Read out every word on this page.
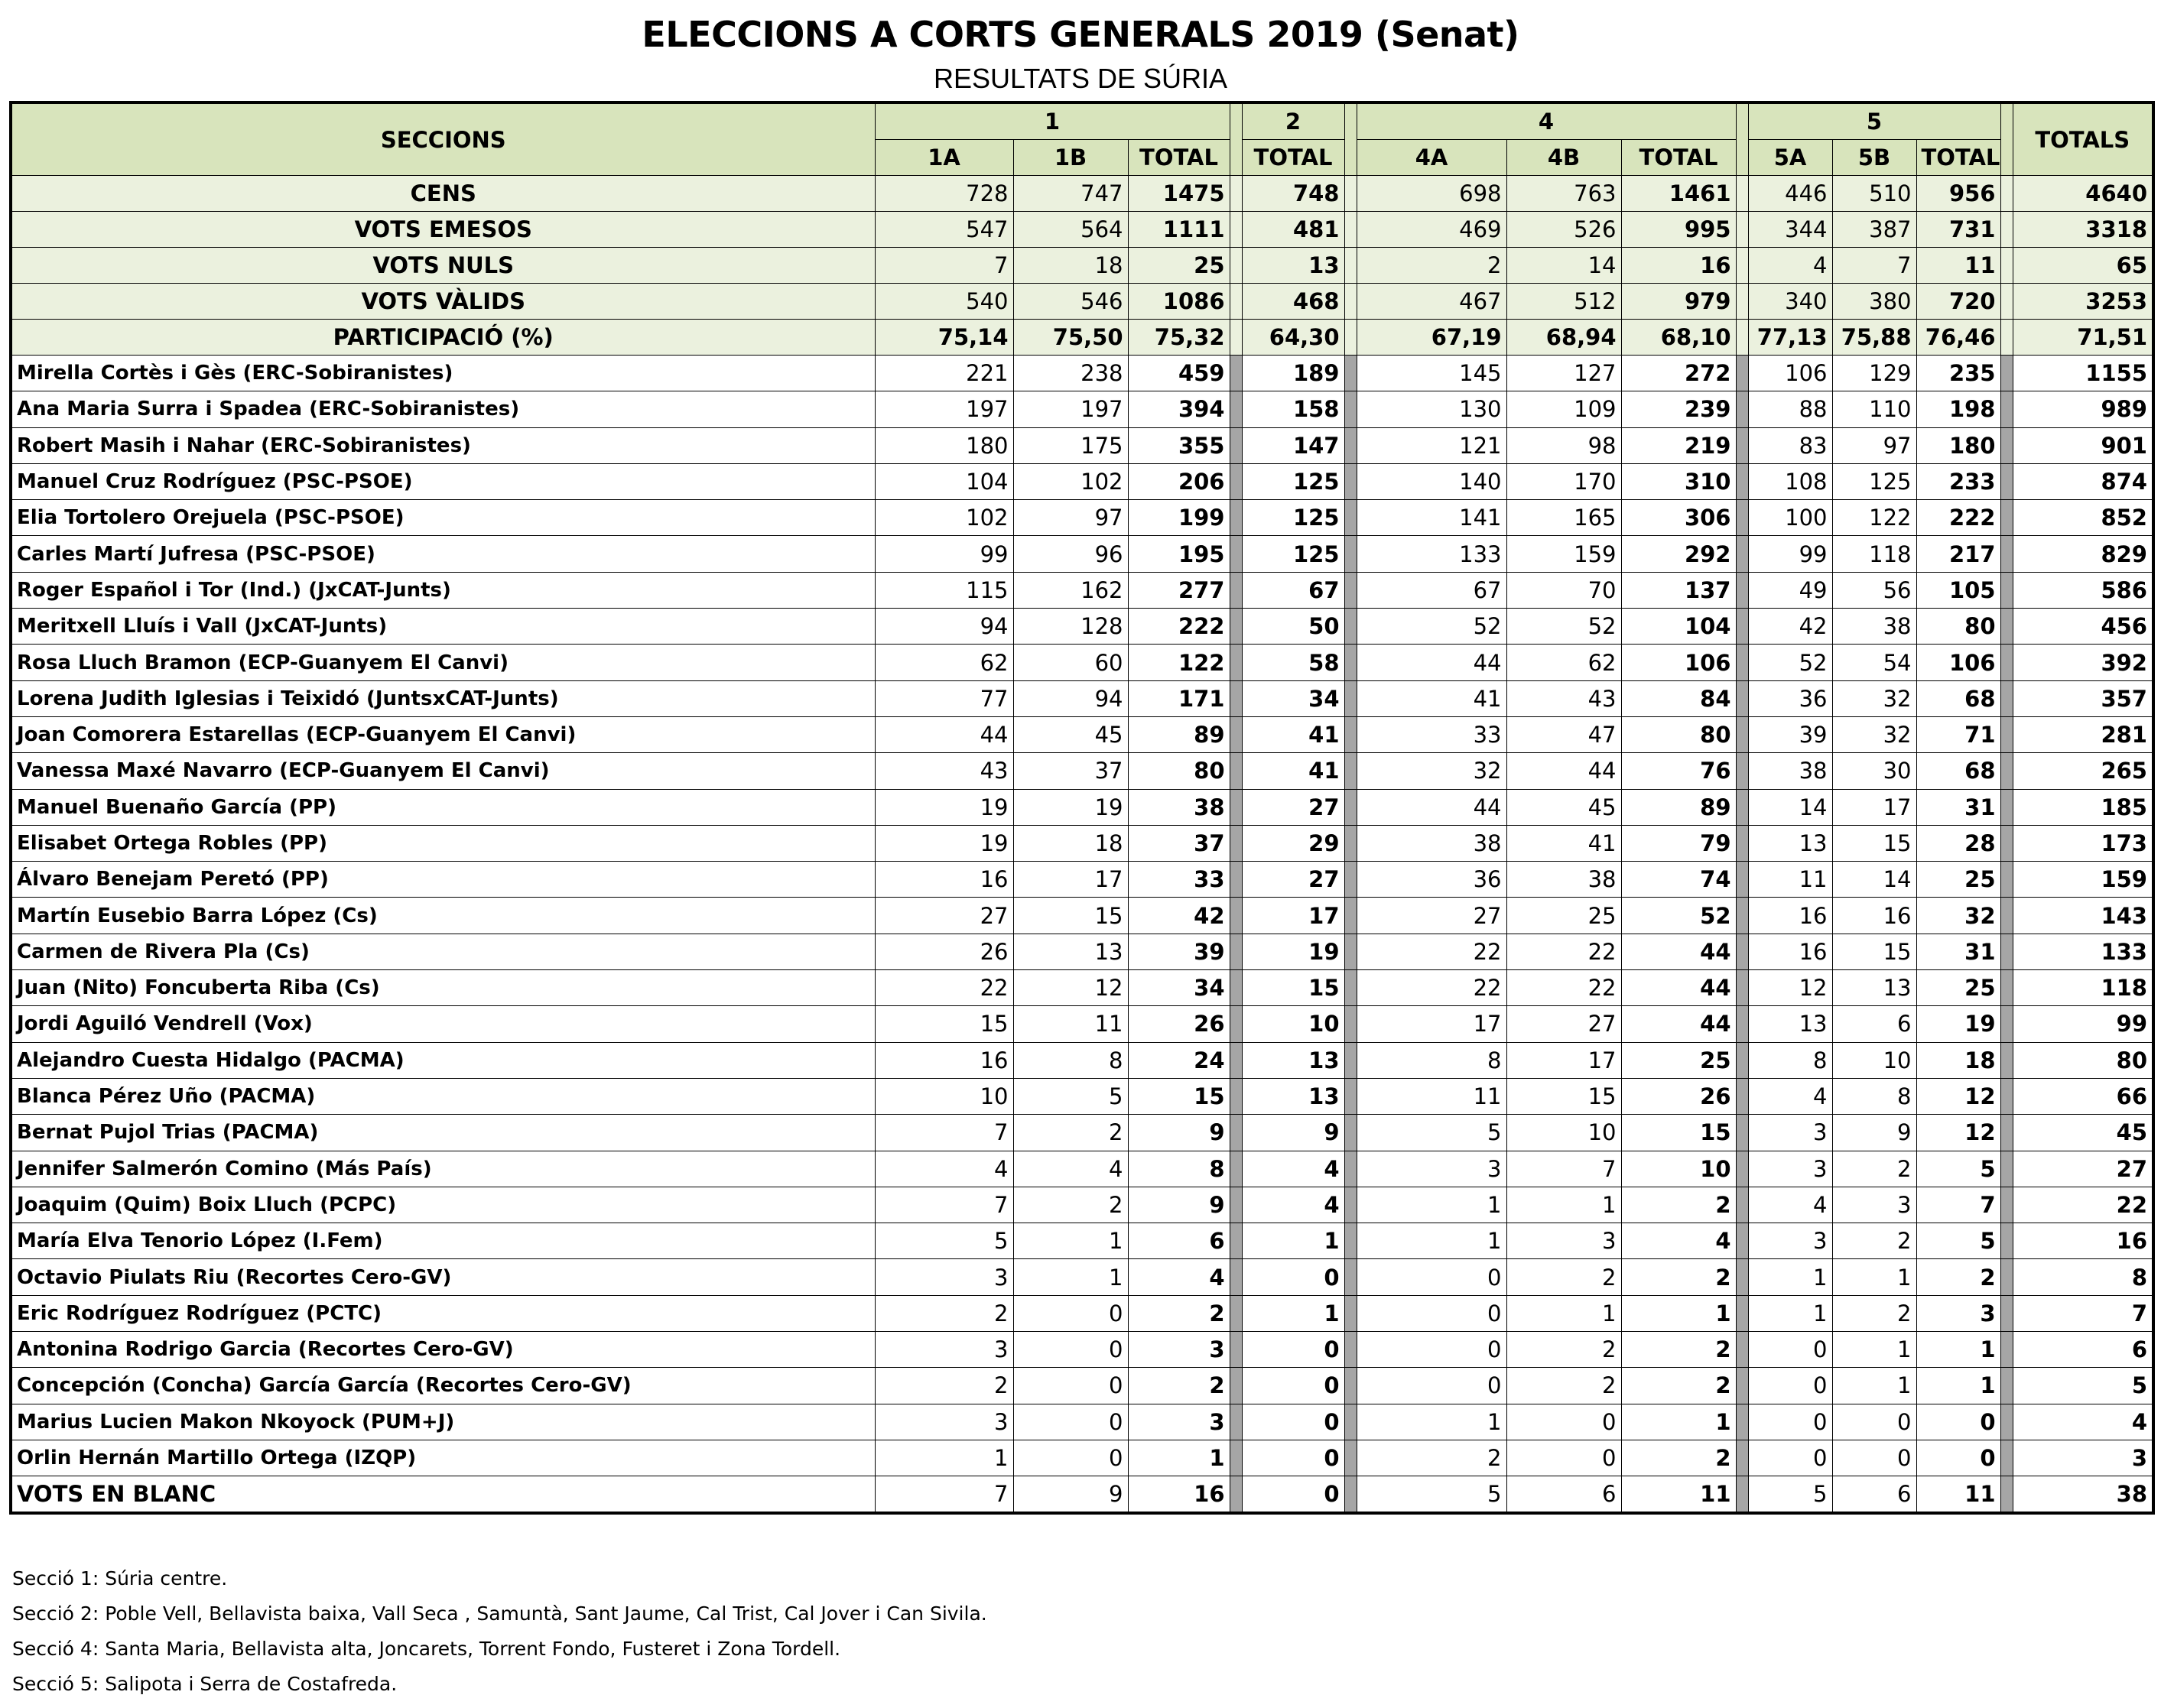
ELECCIONS A CORTS GENERALS 2019 (Senat)
RESULTATS DE SÚRIA
SECCIONS	1				2		4				5				TOTALS
	1A	1B	TOTAL		TOTAL		4A	4B	TOTAL		5A	5B	TOTAL		
CENS	728	747	1475		748		698	763	1461		446	510	956		4640
VOTS EMESOS	547	564	1111		481		469	526	995		344	387	731		3318
VOTS NULS	7	18	25		13		2	14	16		4	7	11		65
VOTS VÀLIDS	540	546	1086		468		467	512	979		340	380	720		3253
PARTICIPACIÓ (%)	75,14	75,50	75,32		64,30		67,19	68,94	68,10		77,13	75,88	76,46		71,51
Mirella Cortès i Gès (ERC-Sobiranistes)	221	238	459		189		145	127	272		106	129	235		1155
Ana Maria Surra i Spadea (ERC-Sobiranistes)	197	197	394		158		130	109	239		88	110	198		989
Robert Masih i Nahar (ERC-Sobiranistes)	180	175	355		147		121	98	219		83	97	180		901
Manuel Cruz Rodríguez (PSC-PSOE)	104	102	206		125		140	170	310		108	125	233		874
Elia Tortolero Orejuela (PSC-PSOE)	102	97	199		125		141	165	306		100	122	222		852
Carles Martí Jufresa (PSC-PSOE)	99	96	195		125		133	159	292		99	118	217		829
Roger Español i Tor (Ind.) (JxCAT-Junts)	115	162	277		67		67	70	137		49	56	105		586
Meritxell Lluís i Vall (JxCAT-Junts)	94	128	222		50		52	52	104		42	38	80		456
Rosa Lluch Bramon (ECP-Guanyem El Canvi)	62	60	122		58		44	62	106		52	54	106		392
Lorena Judith Iglesias i Teixidó (JuntsxCAT-Junts)	77	94	171		34		41	43	84		36	32	68		357
Joan Comorera Estarellas (ECP-Guanyem El Canvi)	44	45	89		41		33	47	80		39	32	71		281
Vanessa Maxé Navarro (ECP-Guanyem El Canvi)	43	37	80		41		32	44	76		38	30	68		265
Manuel Buenaño García (PP)	19	19	38		27		44	45	89		14	17	31		185
Elisabet Ortega Robles (PP)	19	18	37		29		38	41	79		13	15	28		173
Álvaro Benejam Peretó (PP)	16	17	33		27		36	38	74		11	14	25		159
Martín Eusebio Barra López (Cs)	27	15	42		17		27	25	52		16	16	32		143
Carmen de Rivera Pla (Cs)	26	13	39		19		22	22	44		16	15	31		133
Juan (Nito) Foncuberta Riba (Cs)	22	12	34		15		22	22	44		12	13	25		118
Jordi Aguiló Vendrell (Vox)	15	11	26		10		17	27	44		13	6	19		99
Alejandro Cuesta Hidalgo (PACMA)	16	8	24		13		8	17	25		8	10	18		80
Blanca Pérez Uño (PACMA)	10	5	15		13		11	15	26		4	8	12		66
Bernat Pujol Trias (PACMA)	7	2	9		9		5	10	15		3	9	12		45
Jennifer Salmerón Comino (Más País)	4	4	8		4		3	7	10		3	2	5		27
Joaquim (Quim) Boix Lluch (PCPC)	7	2	9		4		1	1	2		4	3	7		22
María Elva Tenorio López (I.Fem)	5	1	6		1		1	3	4		3	2	5		16
Octavio Piulats Riu (Recortes Cero-GV)	3	1	4		0		0	2	2		1	1	2		8
Eric Rodríguez Rodríguez (PCTC)	2	0	2		1		0	1	1		1	2	3		7
Antonina Rodrigo Garcia (Recortes Cero-GV)	3	0	3		0		0	2	2		0	1	1		6
Concepción (Concha) García García (Recortes Cero-GV)	2	0	2		0		0	2	2		0	1	1		5
Marius Lucien Makon Nkoyock (PUM+J)	3	0	3		0		1	0	1		0	0	0		4
Orlin Hernán Martillo Ortega (IZQP)	1	0	1		0		2	0	2		0	0	0		3
VOTS EN BLANC	7	9	16		0		5	6	11		5	6	11		38
Secció 1: Súria centre.
Secció 2: Poble Vell, Bellavista baixa, Vall Seca , Samuntà, Sant Jaume, Cal Trist, Cal Jover i Can Sivila.
Secció 4: Santa Maria, Bellavista alta, Joncarets, Torrent Fondo, Fusteret i Zona Tordell.
Secció 5: Salipota i Serra de Costafreda.
